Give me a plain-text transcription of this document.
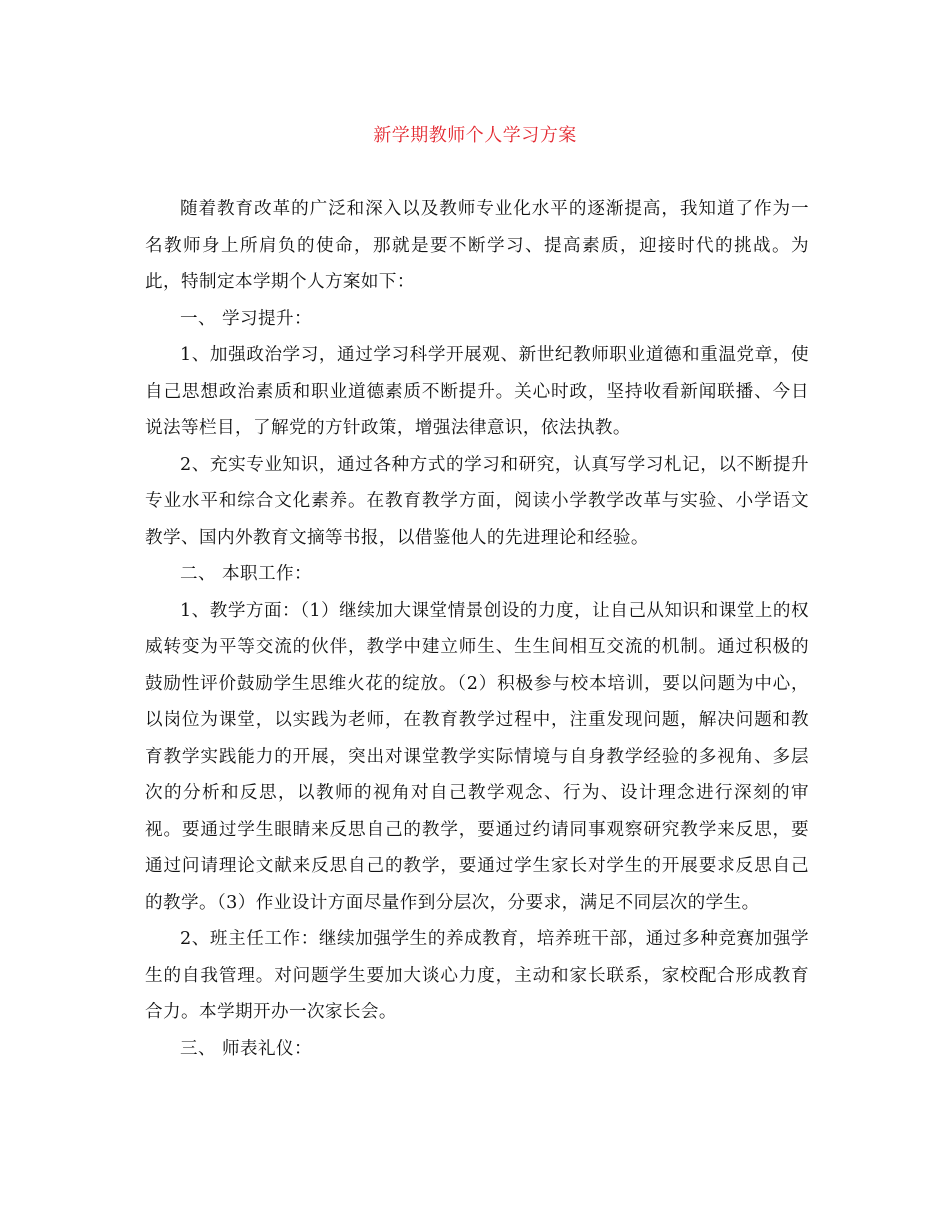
新学期教师个人学习方案

随着教育改革的广泛和深入以及教师专业化水平的逐渐提高，我知道了作为一名教师身上所肩负的使命，那就是要不断学习、提高素质，迎接时代的挑战。为此，特制定本学期个人方案如下：

一、 学习提升：

1、加强政治学习，通过学习科学开展观、新世纪教师职业道德和重温党章，使自己思想政治素质和职业道德素质不断提升。关心时政，坚持收看新闻联播、今日说法等栏目，了解党的方针政策，增强法律意识，依法执教。

2、充实专业知识，通过各种方式的学习和研究，认真写学习札记，以不断提升专业水平和综合文化素养。在教育教学方面，阅读小学教学改革与实验、小学语文教学、国内外教育文摘等书报，以借鉴他人的先进理论和经验。

二、 本职工作：

1、教学方面：（1）继续加大课堂情景创设的力度，让自己从知识和课堂上的权威转变为平等交流的伙伴，教学中建立师生、生生间相互交流的机制。通过积极的鼓励性评价鼓励学生思维火花的绽放。（2）积极参与校本培训，要以问题为中心，以岗位为课堂，以实践为老师，在教育教学过程中，注重发现问题，解决问题和教育教学实践能力的开展，突出对课堂教学实际情境与自身教学经验的多视角、多层次的分析和反思，以教师的视角对自己教学观念、行为、设计理念进行深刻的审视。要通过学生眼睛来反思自己的教学，要通过约请同事观察研究教学来反思，要通过问请理论文献来反思自己的教学，要通过学生家长对学生的开展要求反思自己的教学。（3）作业设计方面尽量作到分层次，分要求，满足不同层次的学生。

2、班主任工作：继续加强学生的养成教育，培养班干部，通过多种竞赛加强学生的自我管理。对问题学生要加大谈心力度，主动和家长联系，家校配合形成教育合力。本学期开办一次家长会。

三、 师表礼仪：
